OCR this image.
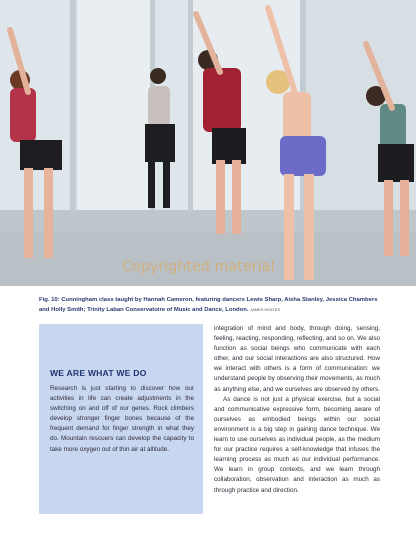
Copyrighted material
Fig. 10: Cunningham class taught by Hannah Cameron, featuring dancers Lewis Sharp, Aisha Stanley, Jessica Chambers and Holly Smith; Trinity Laban Conservatoire of Music and Dance, London. JAMES KEATES
WE ARE WHAT WE DO

Research is just starting to discover how our activities in life can create adjustments in the switching on and off of our genes. Rock climbers develop stronger finger bones because of the frequent demand for finger strength in what they do. Mountain rescuers can develop the capacity to take more oxygen out of thin air at altitude.

integration of mind and body, through doing, sensing, feeling, reacting, responding, reflecting, and so on. We also function as social beings who communicate with each other, and our social interactions are also structured. How we interact with others is a form of communication: we understand people by observing their movements, as much as anything else, and we ourselves are observed by others.

As dance is not just a physical exercise, but a social and communicative expressive form, becoming aware of ourselves as embodied beings within our social environment is a big step in gaining dance technique. We learn to use ourselves as individual people, as the medium for our practice requires a self-knowledge that infuses the learning process as much as our individual performance. We learn in group contexts, and we learn through collaboration, observation and interaction as much as through practice and direction.
